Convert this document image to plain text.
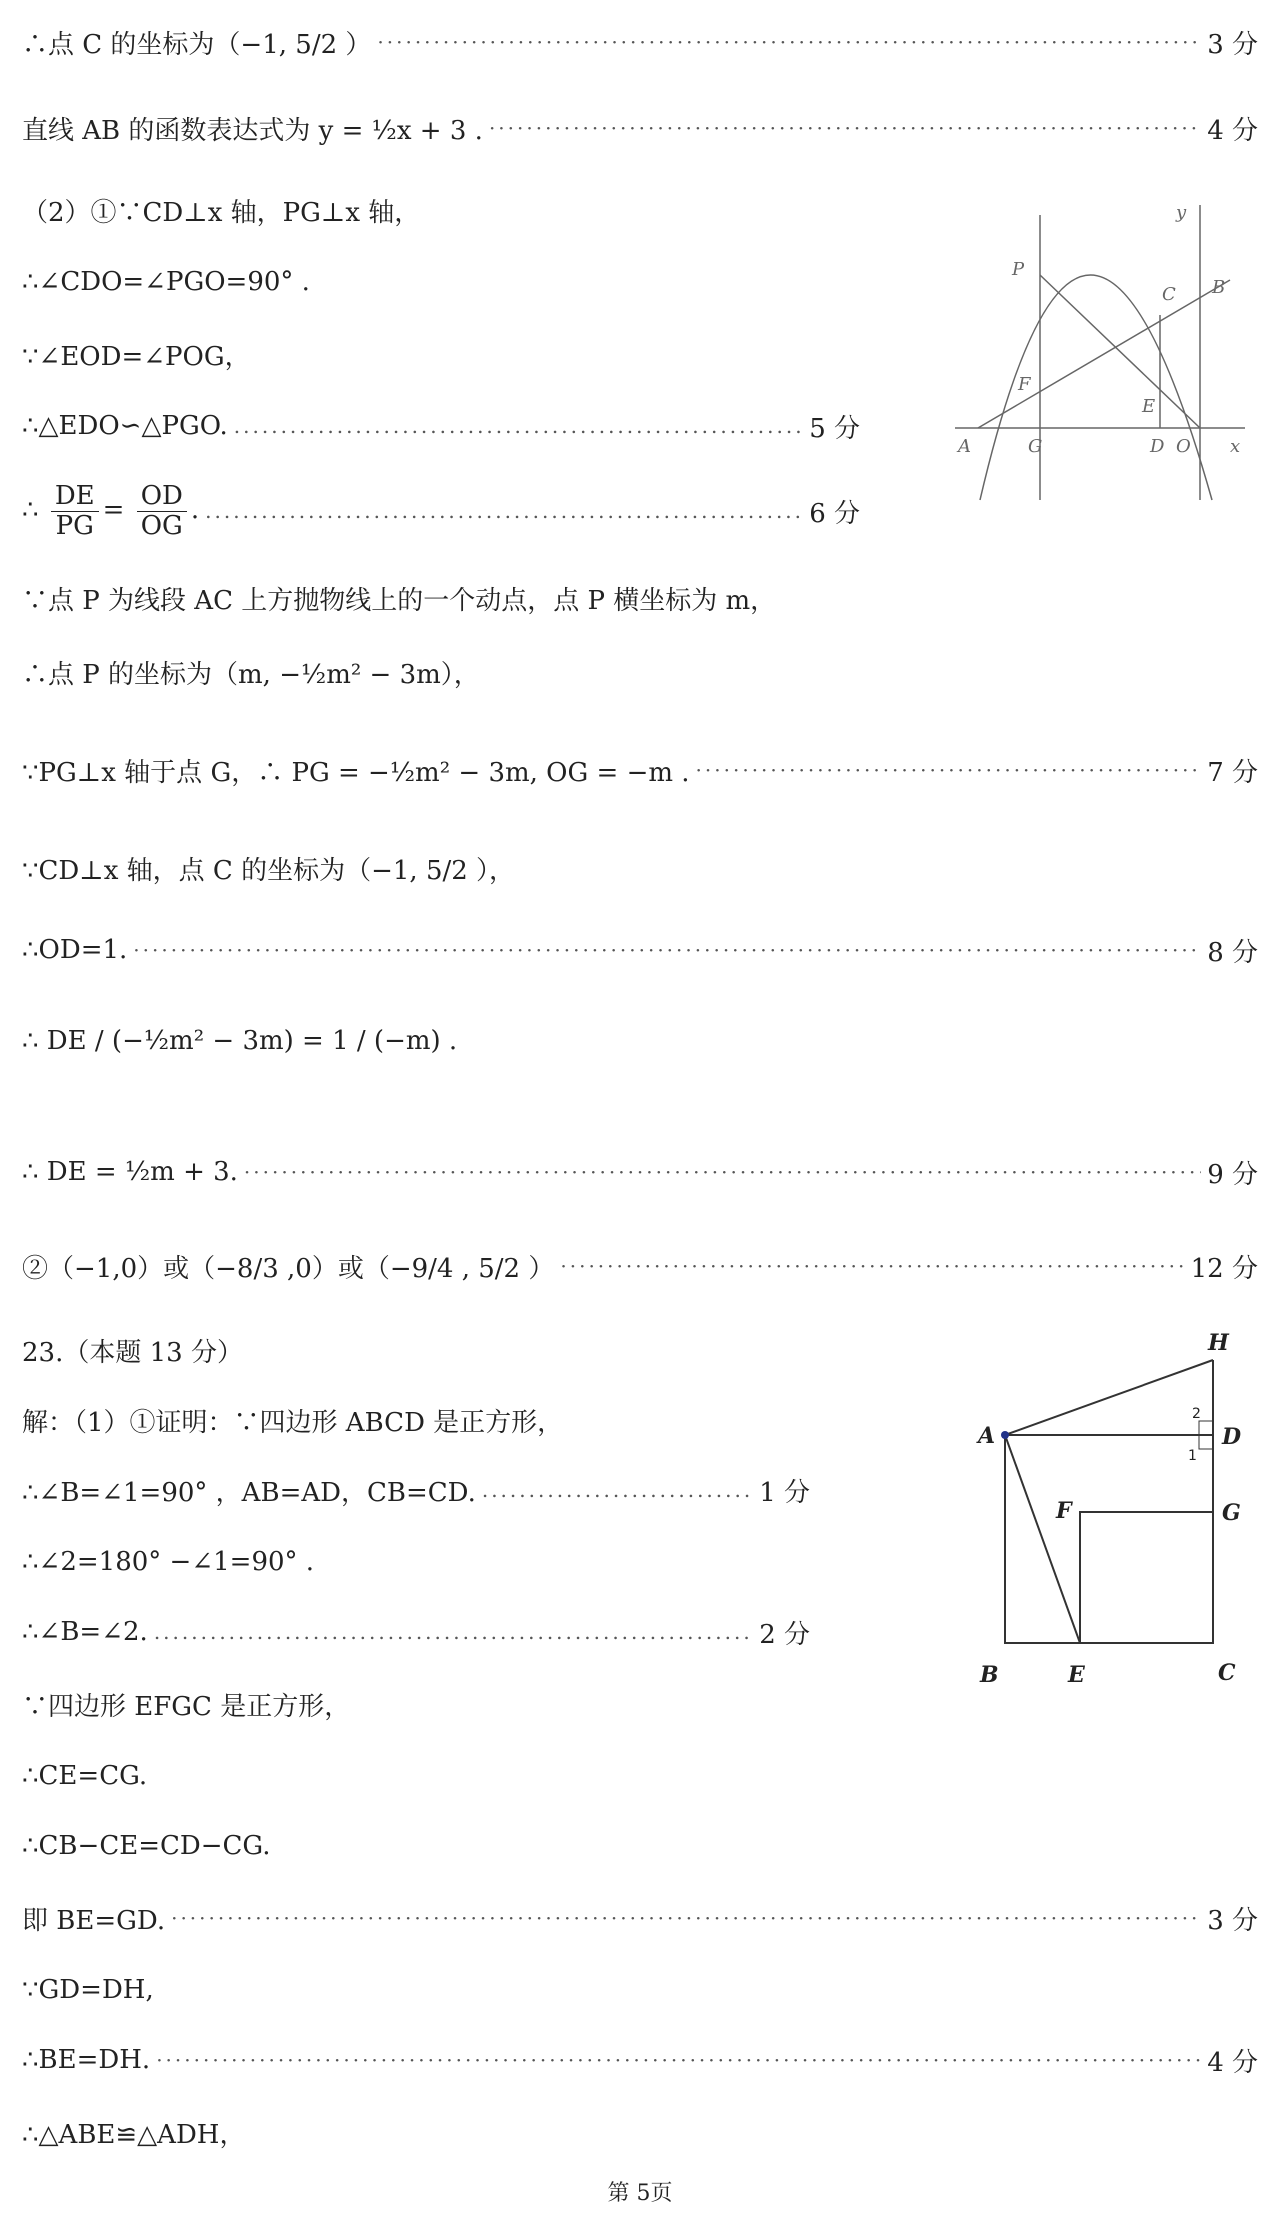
∴点 C 的坐标为（−1, 5/2 ） ·····	3 分
直线 AB 的函数表达式为 y = ½x + 3 . ·····	4 分
（2）①∵CD⊥x 轴，PG⊥x 轴，
∴∠CDO=∠PGO=90° .
∵∠EOD=∠POG，
∴△EDO∽△PGO. .....	5 分
∴ $\frac{DE}{PG} = \frac{OD}{OG}$ . .....	6 分
∵点 P 为线段 AC 上方抛物线上的一个动点，点 P 横坐标为 m，
∴点 P 的坐标为（m, −½m² − 3m），
∵PG⊥x 轴于点 G，∴ PG = −½m² − 3m, OG = −m . ·····	7 分
∵CD⊥x 轴，点 C 的坐标为（−1, 5/2 ），
∴OD=1. ·····	8 分
∴ DE / (−½m² − 3m) = 1 / (−m) .
∴ DE = ½m + 3. ·····	9 分
②（−1,0）或（−8/3 ,0）或（−9/4 , 5/2 ） ·····	12 分
23.（本题 13 分）
解：（1）①证明：∵四边形 ABCD 是正方形，
∴∠B=∠1=90° ，AB=AD，CB=CD. .....	1 分
∴∠2=180° −∠1=90° .
∴∠B=∠2. .....	2 分
∵四边形 EFGC 是正方形，
∴CE=CG.
∴CB−CE=CD−CG.
即 BE=GD. ·····	3 分
∵GD=DH,
∴BE=DH. ·····	4 分
∴△ABE≌△ADH，
P
C B
F
E
A	G	D O x
y
H
A	D
F	G
B	E	C
2
1
第 5页
